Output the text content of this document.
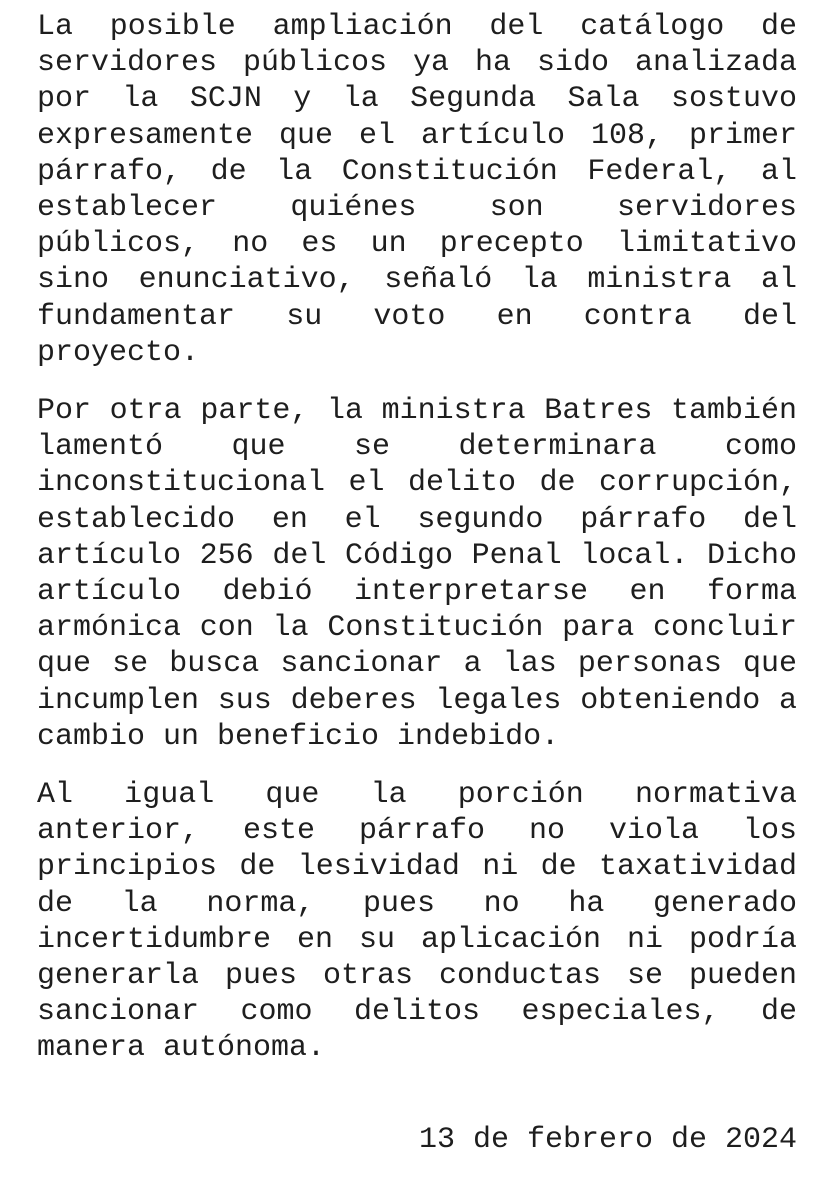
La posible ampliación del catálogo de servidores públicos ya ha sido analizada por la SCJN y la Segunda Sala sostuvo expresamente que el artículo 108, primer párrafo, de la Constitución Federal, al establecer quiénes son servidores públicos, no es un precepto limitativo sino enunciativo, señaló la ministra al fundamentar su voto en contra del proyecto.

Por otra parte, la ministra Batres también lamentó que se determinara como inconstitucional el delito de corrupción, establecido en el segundo párrafo del artículo 256 del Código Penal local. Dicho artículo debió interpretarse en forma armónica con la Constitución para concluir que se busca sancionar a las personas que incumplen sus deberes legales obteniendo a cambio un beneficio indebido.

Al igual que la porción normativa anterior, este párrafo no viola los principios de lesividad ni de taxatividad de la norma, pues no ha generado incertidumbre en su aplicación ni podría generarla pues otras conductas se pueden sancionar como delitos especiales, de manera autónoma.

13 de febrero de 2024
